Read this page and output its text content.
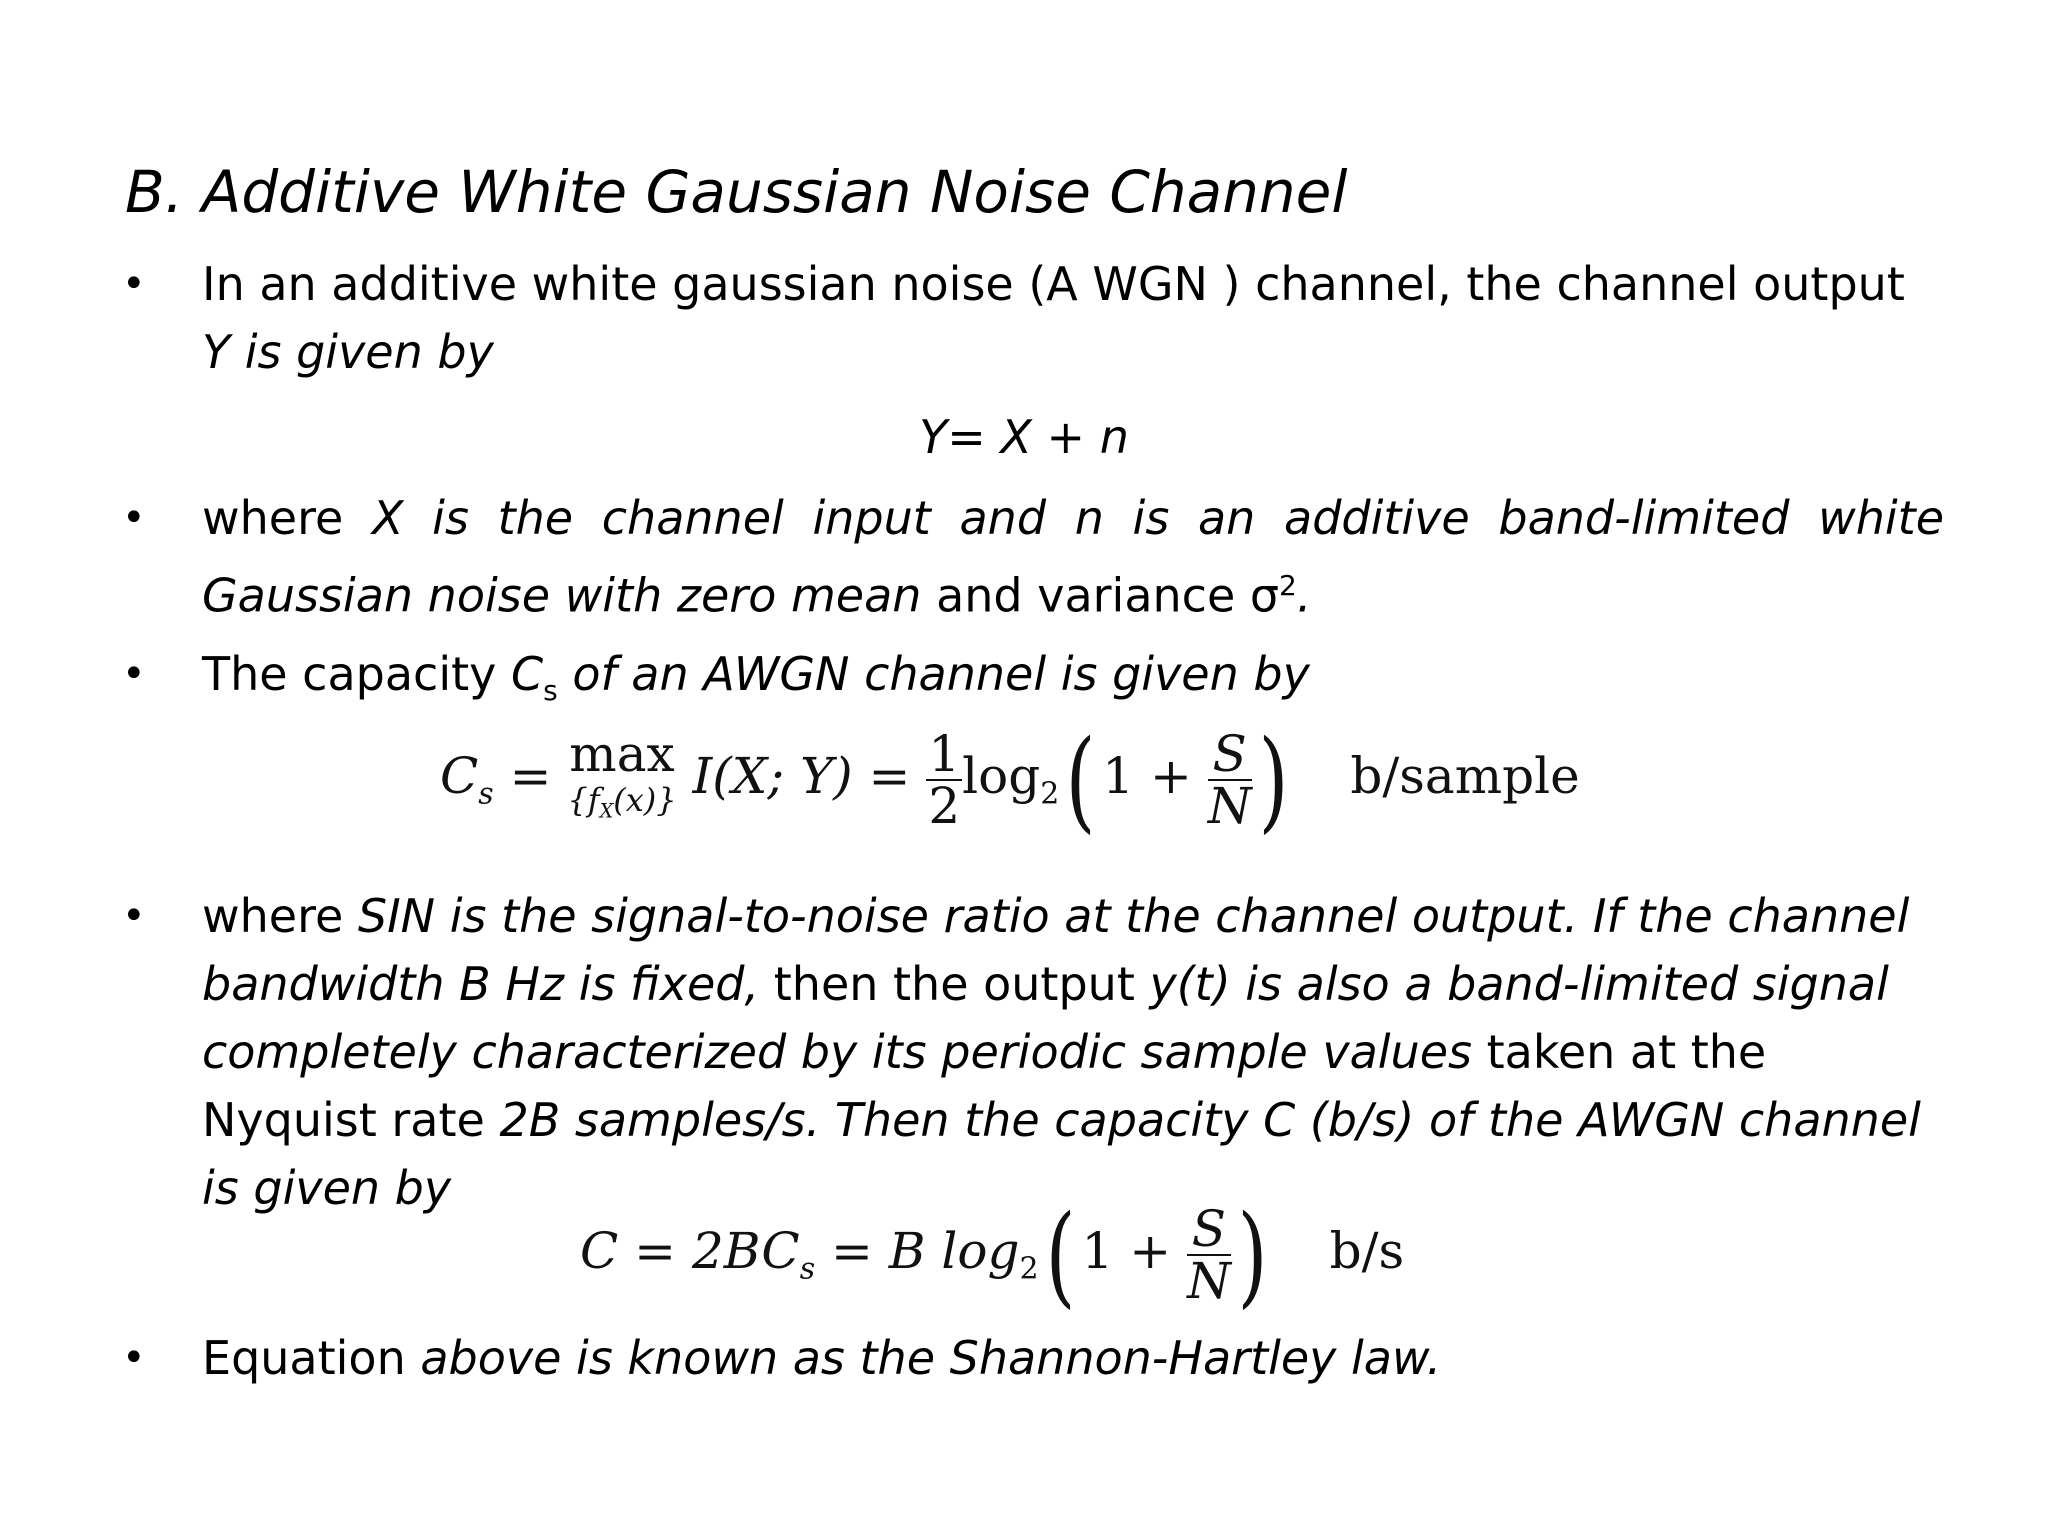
B. Additive White Gaussian Noise Channel
• In an additive white gaussian noise (A WGN ) channel, the channel output
Y is given by
Y= X + n
• where X is the channel input and n is an additive band-limited white Gaussian noise with zero mean and variance $\sigma^2$.
• The capacity $C_s$ of an AWGN channel is given by
$C_s = \max$
$\{f_X(x)\}$ I(X; $Y) = \frac{1}{2} \log_2$( $1 + \frac{S}{N}$ ) b/sample
• where SIN is the signal-to-noise ratio at the channel output. If the channel bandwidth B Hz is fixed, then the output y(t) is also a band-limited signal completely characterized by its periodic sample values taken at the Nyquist rate 2B samples/s. Then the capacity C (b/s) of the AWGN channel is given by
$C = 2BC_s = B$ $\log_2$( $1 + \frac{S}{N}$ ) b/s
• Equation above is known as the Shannon-Hartley law.
